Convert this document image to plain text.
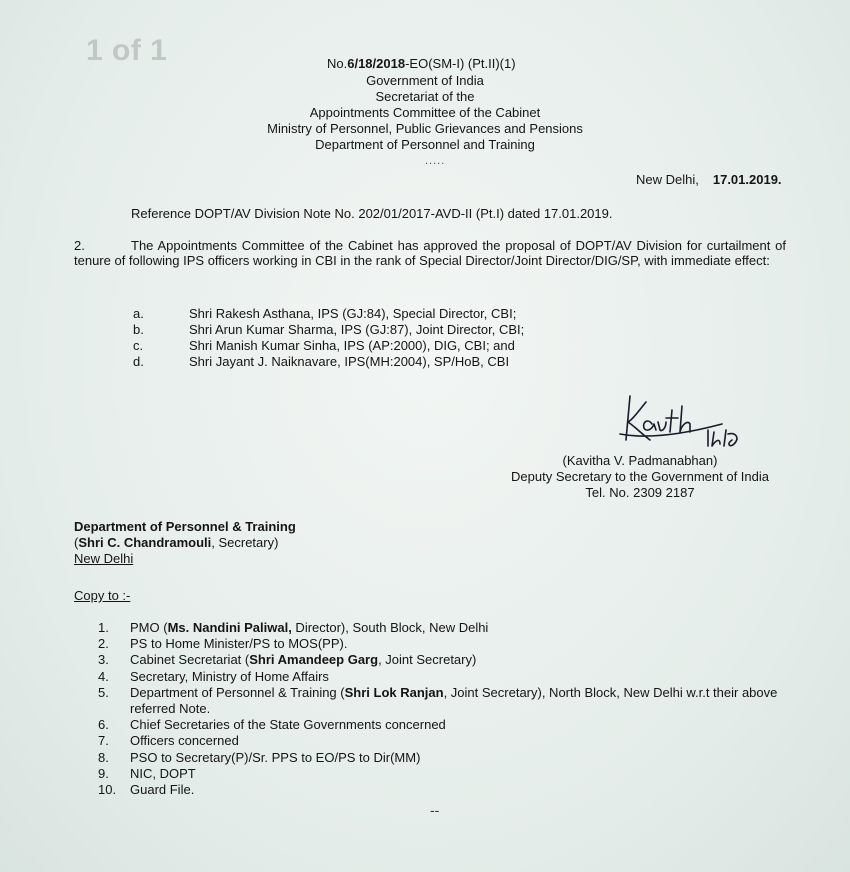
1 of 1	No.6/18/2018-EO(SM-I) (Pt.II)(1)
Government of India
Secretariat of the
Appointments Committee of the Cabinet
Ministry of Personnel, Public Grievances and Pensions
Department of Personnel and Training
.....
New Delhi, 17.01.2019.
Reference DOPT/AV Division Note No. 202/01/2017-AVD-II (Pt.I) dated 17.01.2019.
2.	The Appointments Committee of the Cabinet has approved the proposal of DOPT/AV Division for curtailment of tenure of following IPS officers working in CBI in the rank of Special Director/Joint Director/DIG/SP, with immediate effect:
a.	Shri Rakesh Asthana, IPS (GJ:84), Special Director, CBI;
b.	Shri Arun Kumar Sharma, IPS (GJ:87), Joint Director, CBI;
c.	Shri Manish Kumar Sinha, IPS (AP:2000), DIG, CBI; and
d.	Shri Jayant J. Naiknavare, IPS(MH:2004), SP/HoB, CBI
(Kavitha V. Padmanabhan)
Deputy Secretary to the Government of India
Tel. No. 2309 2187
Department of Personnel & Training
(Shri C. Chandramouli, Secretary)
New Delhi
Copy to :-
1.	PMO (Ms. Nandini Paliwal, Director), South Block, New Delhi
2.	PS to Home Minister/PS to MOS(PP).
3.	Cabinet Secretariat (Shri Amandeep Garg, Joint Secretary)
4.	Secretary, Ministry of Home Affairs
5.	Department of Personnel & Training (Shri Lok Ranjan, Joint Secretary), North Block, New Delhi w.r.t their above referred Note.
6.	Chief Secretaries of the State Governments concerned
7.	Officers concerned
8.	PSO to Secretary(P)/Sr. PPS to EO/PS to Dir(MM)
9.	NIC, DOPT
10.	Guard File.
--
